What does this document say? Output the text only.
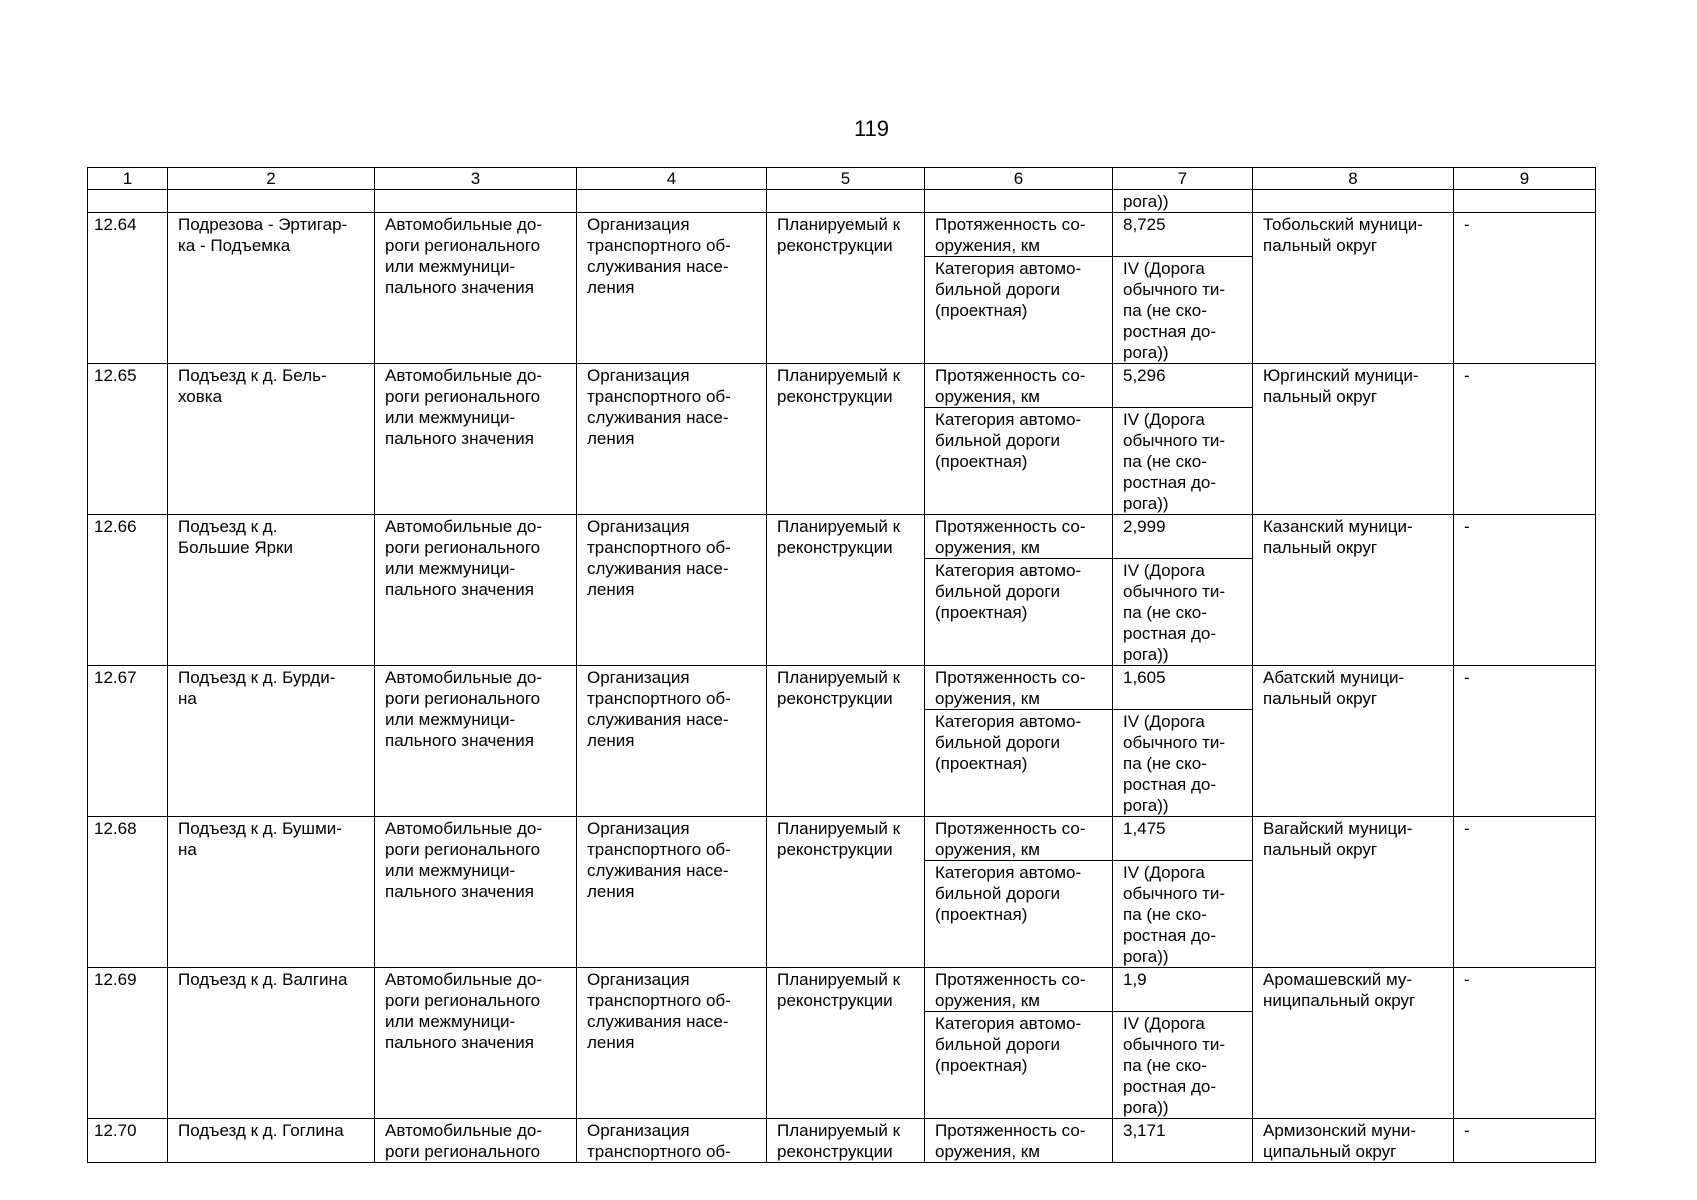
119
1	2	3	4	5	6	7	8	9
						рога))		
12.64	Подрезова - Эртигар-
ка - Подъемка	Автомобильные до-
роги регионального
или межмуници-
пального значения	Организация
транспортного об-
служивания насе-
ления	Планируемый к
реконструкции	Протяженность со-
оружения, км	8,725	Тобольский муници-
пальный округ	-
					Категория автомо-
бильной дороги
(проектная)	IV (Дорога
обычного ти-
па (не ско-
ростная до-
рога))		
12.65	Подъезд к д. Бель-
ховка	Автомобильные до-
роги регионального
или межмуници-
пального значения	Организация
транспортного об-
служивания насе-
ления	Планируемый к
реконструкции	Протяженность со-
оружения, км	5,296	Юргинский муници-
пальный округ	-
					Категория автомо-
бильной дороги
(проектная)	IV (Дорога
обычного ти-
па (не ско-
ростная до-
рога))		
12.66	Подъезд к д.
Большие Ярки	Автомобильные до-
роги регионального
или межмуници-
пального значения	Организация
транспортного об-
служивания насе-
ления	Планируемый к
реконструкции	Протяженность со-
оружения, км	2,999	Казанский муници-
пальный округ	-
					Категория автомо-
бильной дороги
(проектная)	IV (Дорога
обычного ти-
па (не ско-
ростная до-
рога))		
12.67	Подъезд к д. Бурди-
на	Автомобильные до-
роги регионального
или межмуници-
пального значения	Организация
транспортного об-
служивания насе-
ления	Планируемый к
реконструкции	Протяженность со-
оружения, км	1,605	Абатский муници-
пальный округ	-
					Категория автомо-
бильной дороги
(проектная)	IV (Дорога
обычного ти-
па (не ско-
ростная до-
рога))		
12.68	Подъезд к д. Бушми-
на	Автомобильные до-
роги регионального
или межмуници-
пального значения	Организация
транспортного об-
служивания насе-
ления	Планируемый к
реконструкции	Протяженность со-
оружения, км	1,475	Вагайский муници-
пальный округ	-
					Категория автомо-
бильной дороги
(проектная)	IV (Дорога
обычного ти-
па (не ско-
ростная до-
рога))		
12.69	Подъезд к д. Валгина	Автомобильные до-
роги регионального
или межмуници-
пального значения	Организация
транспортного об-
служивания насе-
ления	Планируемый к
реконструкции	Протяженность со-
оружения, км	1,9	Аромашевский му-
ниципальный округ	-
					Категория автомо-
бильной дороги
(проектная)	IV (Дорога
обычного ти-
па (не ско-
ростная до-
рога))		
12.70	Подъезд к д. Гоглина	Автомобильные до-
роги регионального	Организация
транспортного об-	Планируемый к
реконструкции	Протяженность со-
оружения, км	3,171	Армизонский муни-
ципальный округ	-
